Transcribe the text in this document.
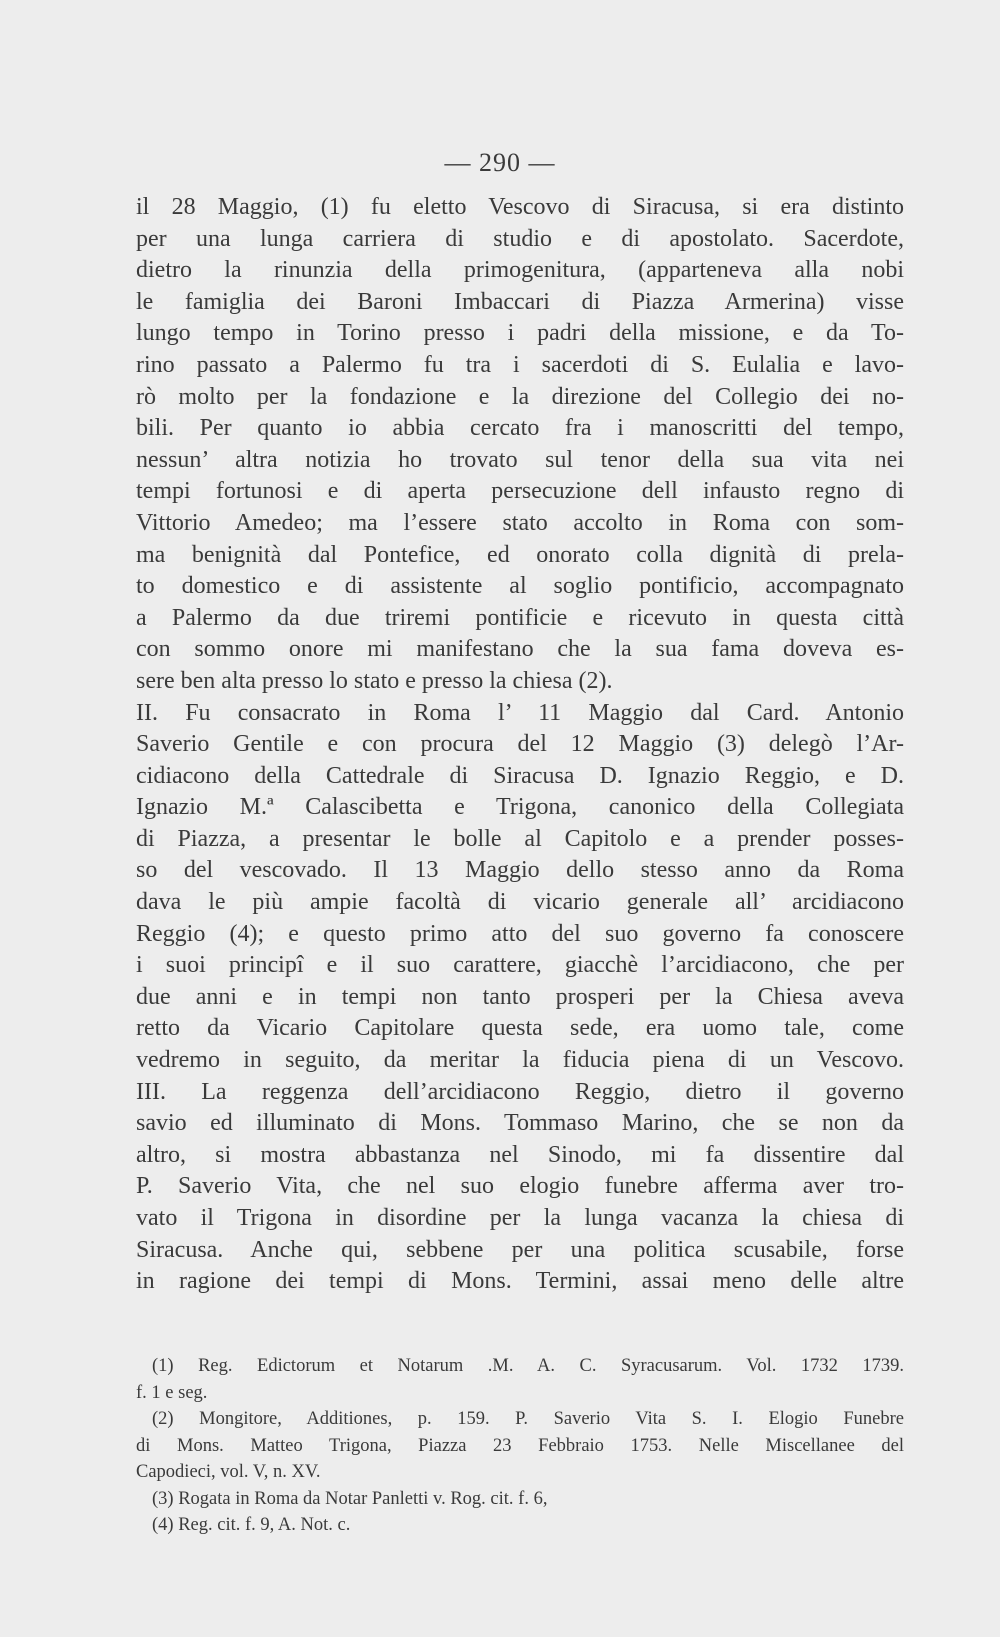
— 290 —
il 28 Maggio, (1) fu eletto Vescovo di Siracusa, si era distinto
per una lunga carriera di studio e di apostolato. Sacerdote,
dietro la rinunzia della primogenitura, (apparteneva alla nobi
le famiglia dei Baroni Imbaccari di Piazza Armerina) visse
lungo tempo in Torino presso i padri della missione, e da To-
rino passato a Palermo fu tra i sacerdoti di S. Eulalia e lavo-
rò molto per la fondazione e la direzione del Collegio dei no-
bili. Per quanto io abbia cercato fra i manoscritti del tempo,
nessun’ altra notizia ho trovato sul tenor della sua vita nei
tempi fortunosi e di aperta persecuzione dell infausto regno di
Vittorio Amedeo; ma l’essere stato accolto in Roma con som-
ma benignità dal Pontefice, ed onorato colla dignità di prela-
to domestico e di assistente al soglio pontificio, accompagnato
a Palermo da due triremi pontificie e ricevuto in questa città
con sommo onore mi manifestano che la sua fama doveva es-
sere ben alta presso lo stato e presso la chiesa (2).
II. Fu consacrato in Roma l’ 11 Maggio dal Card. Antonio
Saverio Gentile e con procura del 12 Maggio (3) delegò l’Ar-
cidiacono della Cattedrale di Siracusa D. Ignazio Reggio, e D.
Ignazio M.ª Calascibetta e Trigona, canonico della Collegiata
di Piazza, a presentar le bolle al Capitolo e a prender posses-
so del vescovado. Il 13 Maggio dello stesso anno da Roma
dava le più ampie facoltà di vicario generale all’ arcidiacono
Reggio (4); e questo primo atto del suo governo fa conoscere
i suoi principî e il suo carattere, giacchè l’arcidiacono, che per
due anni e in tempi non tanto prosperi per la Chiesa aveva
retto da Vicario Capitolare questa sede, era uomo tale, come
vedremo in seguito, da meritar la fiducia piena di un Vescovo.
III. La reggenza dell’arcidiacono Reggio, dietro il governo
savio ed illuminato di Mons. Tommaso Marino, che se non da
altro, si mostra abbastanza nel Sinodo, mi fa dissentire dal
P. Saverio Vita, che nel suo elogio funebre afferma aver tro-
vato il Trigona in disordine per la lunga vacanza la chiesa di
Siracusa. Anche qui, sebbene per una politica scusabile, forse
in ragione dei tempi di Mons. Termini, assai meno delle altre
(1) Reg. Edictorum et Notarum .M. A. C. Syracusarum. Vol. 1732 1739.
f. 1 e seg.
(2) Mongitore, Additiones, p. 159. P. Saverio Vita S. I. Elogio Funebre
di Mons. Matteo Trigona, Piazza 23 Febbraio 1753. Nelle Miscellanee del
Capodieci, vol. V, n. XV.
(3) Rogata in Roma da Notar Panletti v. Rog. cit. f. 6,
(4) Reg. cit. f. 9, A. Not. c.
